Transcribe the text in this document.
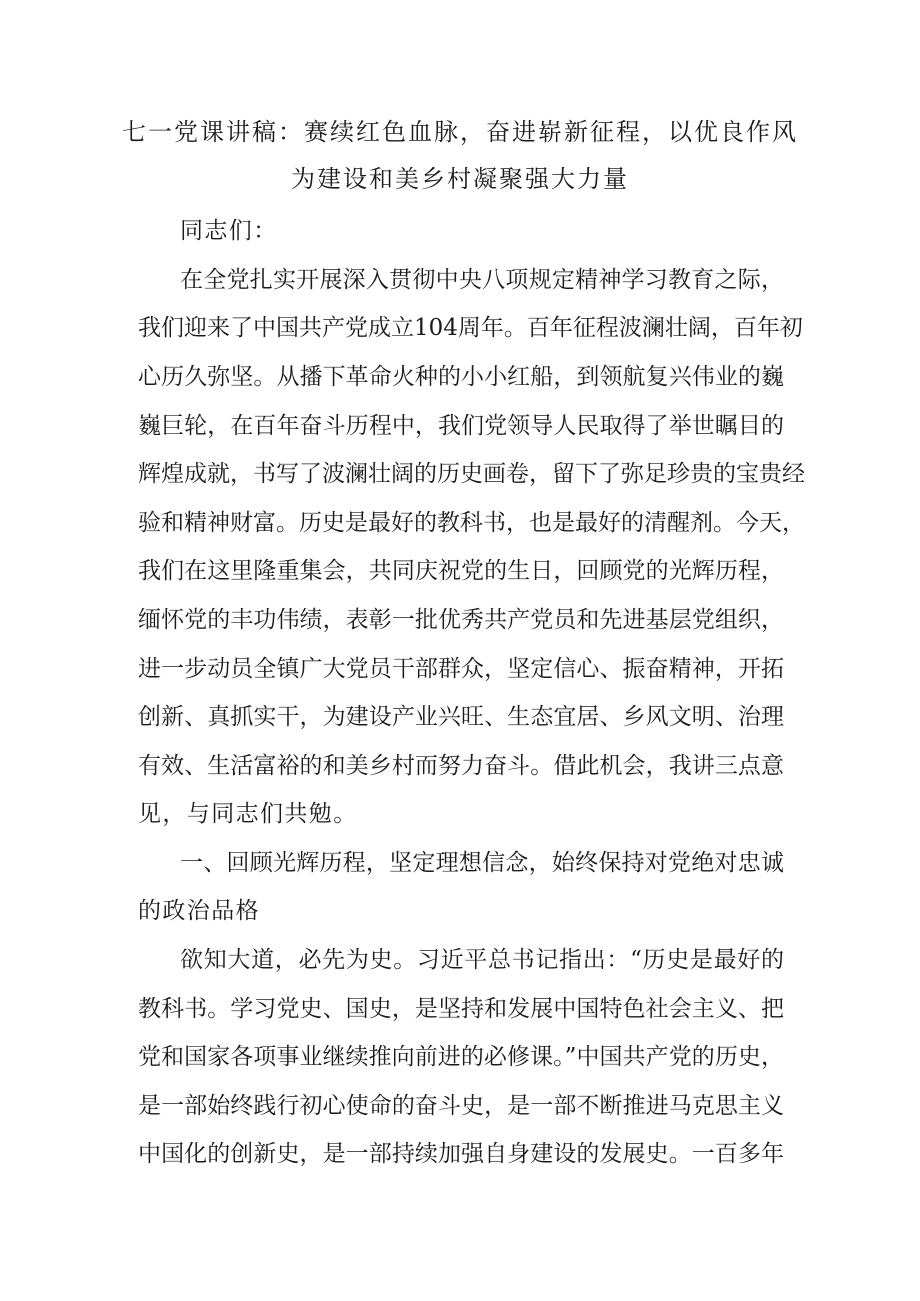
七一党课讲稿：赛续红色血脉，奋进崭新征程，以优良作风
为建设和美乡村凝聚强大力量
同志们：
在全党扎实开展深入贯彻中央八项规定精神学习教育之际，
我们迎来了中国共产党成立104周年。百年征程波澜壮阔，百年初
心历久弥坚。从播下革命火种的小小红船，到领航复兴伟业的巍
巍巨轮，在百年奋斗历程中，我们党领导人民取得了举世瞩目的
辉煌成就，书写了波澜壮阔的历史画卷，留下了弥足珍贵的宝贵经
验和精神财富。历史是最好的教科书，也是最好的清醒剂。今天，
我们在这里隆重集会，共同庆祝党的生日，回顾党的光辉历程，
缅怀党的丰功伟绩，表彰一批优秀共产党员和先进基层党组织，
进一步动员全镇广大党员干部群众，坚定信心、振奋精神，开拓
创新、真抓实干，为建设产业兴旺、生态宜居、乡风文明、治理
有效、生活富裕的和美乡村而努力奋斗。借此机会，我讲三点意
见，与同志们共勉。
一、回顾光辉历程，坚定理想信念，始终保持对党绝对忠诚
的政治品格
欲知大道，必先为史。习近平总书记指出：“历史是最好的
教科书。学习党史、国史，是坚持和发展中国特色社会主义、把
党和国家各项事业继续推向前进的必修课。”中国共产党的历史，
是一部始终践行初心使命的奋斗史，是一部不断推进马克思主义
中国化的创新史，是一部持续加强自身建设的发展史。一百多年
